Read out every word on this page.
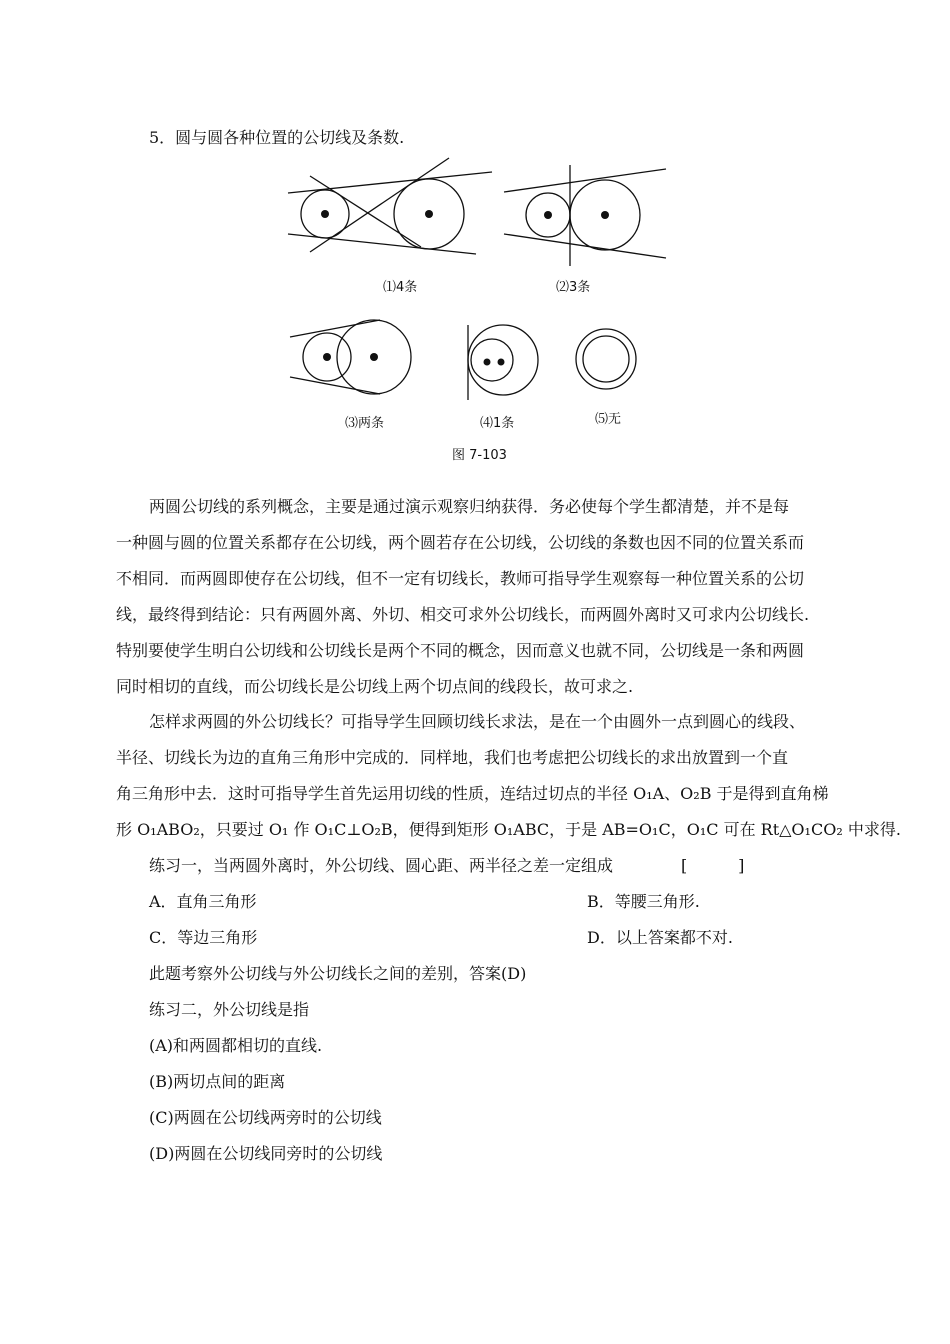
5．圆与圆各种位置的公切线及条数.
⑴4条	⑵3条
⑶两条	⑷1条	⑸无
图 7-103
两圆公切线的系列概念，主要是通过演示观察归纳获得．务必使每个学生都清楚，并不是每
一种圆与圆的位置关系都存在公切线，两个圆若存在公切线，公切线的条数也因不同的位置关系而
不相同．而两圆即使存在公切线，但不一定有切线长，教师可指导学生观察每一种位置关系的公切
线，最终得到结论：只有两圆外离、外切、相交可求外公切线长，而两圆外离时又可求内公切线长.
特别要使学生明白公切线和公切线长是两个不同的概念，因而意义也就不同，公切线是一条和两圆
同时相切的直线，而公切线长是公切线上两个切点间的线段长，故可求之.
怎样求两圆的外公切线长？可指导学生回顾切线长求法，是在一个由圆外一点到圆心的线段、
半径、切线长为边的直角三角形中完成的．同样地，我们也考虑把公切线长的求出放置到一个直
角三角形中去．这时可指导学生首先运用切线的性质，连结过切点的半径 O₁A、O₂B 于是得到直角梯
形 O₁ABO₂，只要过 O₁ 作 O₁C⊥O₂B，便得到矩形 O₁ABC，于是 AB=O₁C，O₁C 可在 Rt△O₁CO₂ 中求得.
练习一，当两圆外离时，外公切线、圆心距、两半径之差一定组成	[          ]
A．直角三角形	B．等腰三角形.
C．等边三角形	D．以上答案都不对.
此题考察外公切线与外公切线长之间的差别，答案(D)
练习二，外公切线是指
(A)和两圆都相切的直线.
(B)两切点间的距离
(C)两圆在公切线两旁时的公切线
(D)两圆在公切线同旁时的公切线
